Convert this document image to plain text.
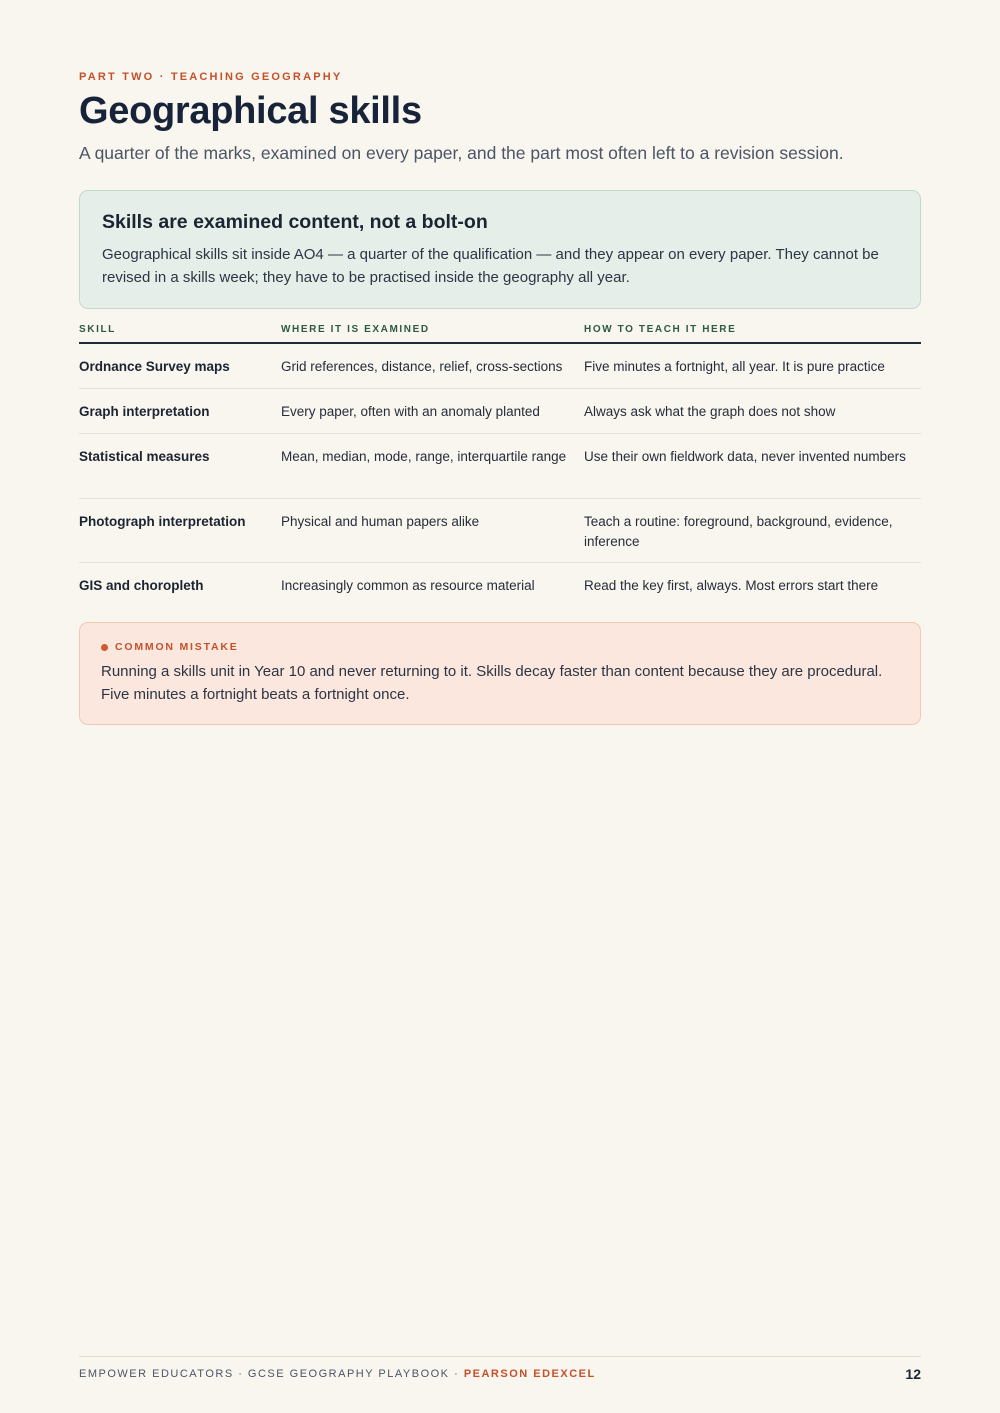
PART TWO · TEACHING GEOGRAPHY
Geographical skills

A quarter of the marks, examined on every paper, and the part most often left to a revision session.

Skills are examined content, not a bolt-on
Geographical skills sit inside AO4 — a quarter of the qualification — and they appear on every paper. They cannot be revised in a skills week; they have to be practised inside the geography all year.
SKILL	WHERE IT IS EXAMINED	HOW TO TEACH IT HERE
Ordnance Survey maps	Grid references, distance, relief, cross-sections	Five minutes a fortnight, all year. It is pure practice
Graph interpretation	Every paper, often with an anomaly planted	Always ask what the graph does not show
Statistical measures	Mean, median, mode, range, interquartile range	Use their own fieldwork data, never invented numbers
Photograph interpretation	Physical and human papers alike	Teach a routine: foreground, background, evidence, inference
GIS and choropleth	Increasingly common as resource material	Read the key first, always. Most errors start there
COMMON MISTAKE
Running a skills unit in Year 10 and never returning to it. Skills decay faster than content because they are procedural. Five minutes a fortnight beats a fortnight once.
EMPOWER EDUCATORS · GCSE GEOGRAPHY PLAYBOOK · PEARSON EDEXCEL	12
